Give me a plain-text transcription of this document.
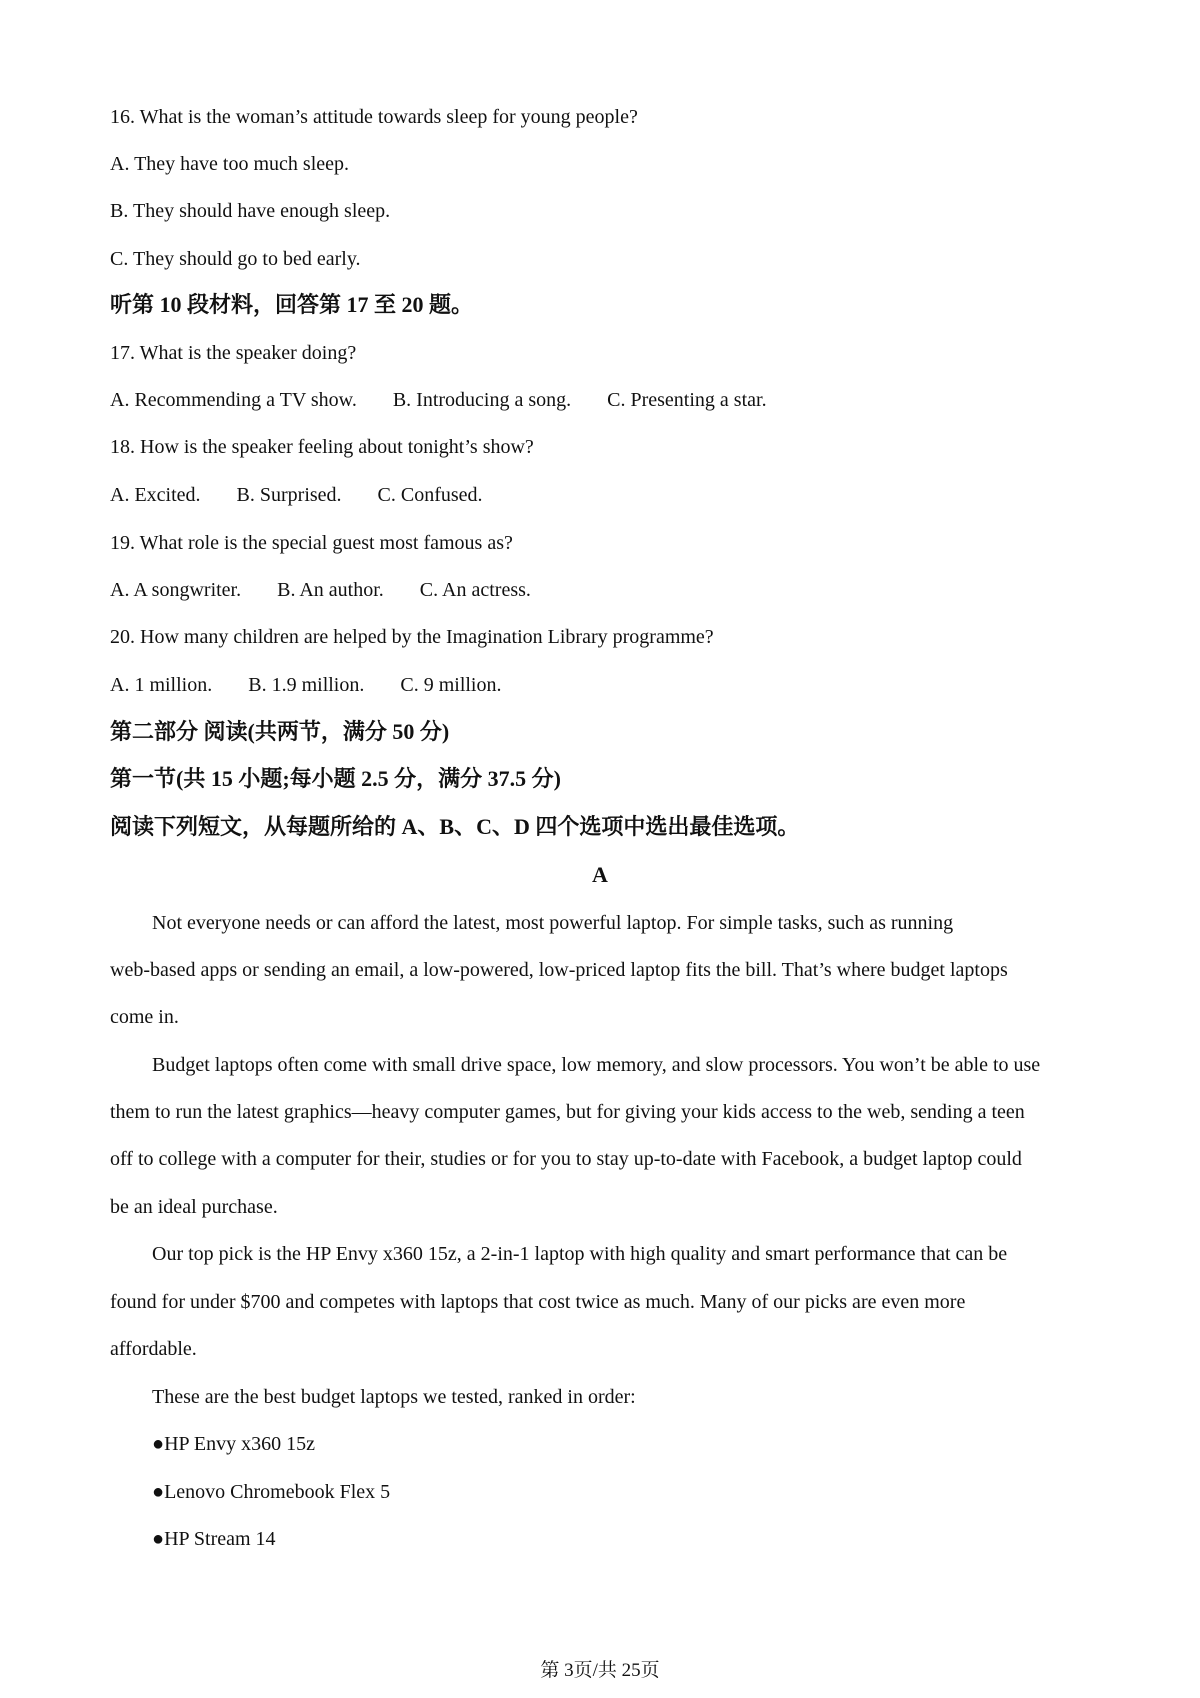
16. What is the woman’s attitude towards sleep for young people?
A. They have too much sleep.
B. They should have enough sleep.
C. They should go to bed early.
听第 10 段材料，回答第 17 至 20 题。
17. What is the speaker doing?
A. Recommending a TV show. B. Introducing a song. C. Presenting a star.
18. How is the speaker feeling about tonight’s show?
A. Excited. B. Surprised. C. Confused.
19. What role is the special guest most famous as?
A. A songwriter. B. An author. C. An actress.
20. How many children are helped by the Imagination Library programme?
A. 1 million. B. 1.9 million. C. 9 million.
第二部分 阅读(共两节，满分 50 分)
第一节(共 15 小题;每小题 2.5 分，满分 37.5 分)
阅读下列短文，从每题所给的 A、B、C、D 四个选项中选出最佳选项。
A
Not everyone needs or can afford the latest, most powerful laptop. For simple tasks, such as running
web-based apps or sending an email, a low-powered, low-priced laptop fits the bill. That’s where budget laptops
come in.
Budget laptops often come with small drive space, low memory, and slow processors. You won’t be able to use
them to run the latest graphics—heavy computer games, but for giving your kids access to the web, sending a teen
off to college with a computer for their, studies or for you to stay up-to-date with Facebook, a budget laptop could
be an ideal purchase.
Our top pick is the HP Envy x360 15z, a 2-in-1 laptop with high quality and smart performance that can be
found for under $700 and competes with laptops that cost twice as much. Many of our picks are even more
affordable.
These are the best budget laptops we tested, ranked in order:
●HP Envy x360 15z
●Lenovo Chromebook Flex 5
●HP Stream 14
第 3页/共 25页
